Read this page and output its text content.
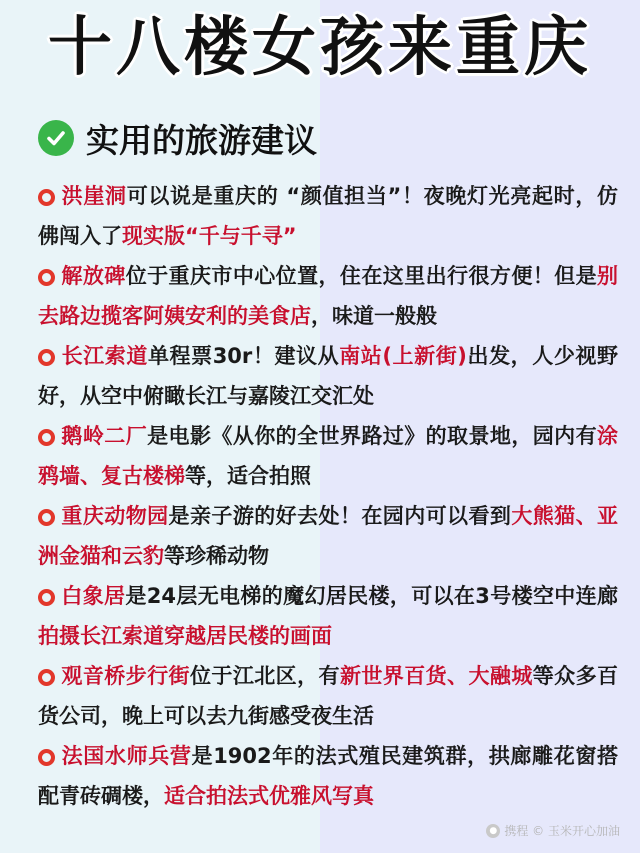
十八楼女孩来重庆
实用的旅游建议

洪崖洞可以说是重庆的 “颜值担当”！夜晚灯光亮起时，仿佛闯入了现实版“千与千寻”

解放碑位于重庆市中心位置，住在这里出行很方便！但是别去路边揽客阿姨安利的美食店，味道一般般

长江索道单程票30r！建议从南站(上新街)出发，人少视野好，从空中俯瞰长江与嘉陵江交汇处

鹅岭二厂是电影《从你的全世界路过》的取景地，园内有涂鸦墙、复古楼梯等，适合拍照

重庆动物园是亲子游的好去处！在园内可以看到大熊猫、亚洲金猫和云豹等珍稀动物

白象居是24层无电梯的魔幻居民楼，可以在3号楼空中连廊拍摄长江索道穿越居民楼的画面

观音桥步行街位于江北区，有新世界百货、大融城等众多百货公司，晚上可以去九街感受夜生活

法国水师兵营是1902年的法式殖民建筑群，拱廊雕花窗搭配青砖碉楼，适合拍法式优雅风写真

● 携程 © 玉米开心加油
